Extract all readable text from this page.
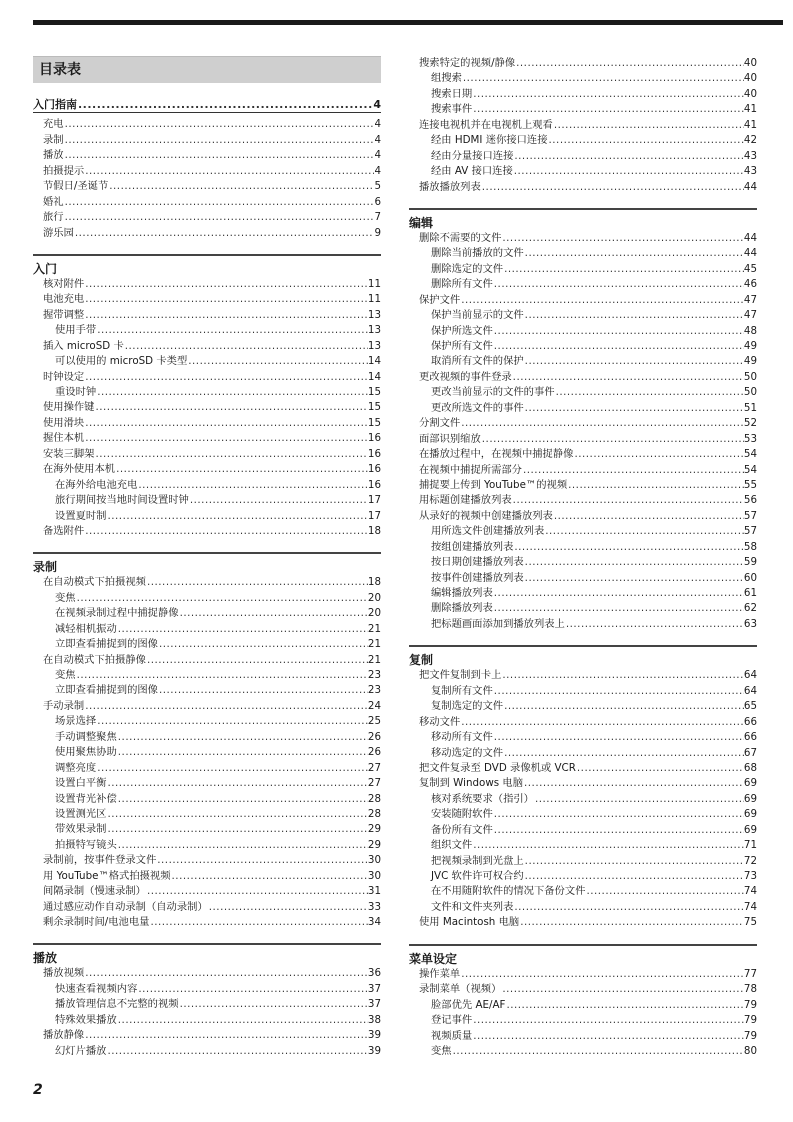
目录表
入门指南 .....	4
充电 .....	4
录制 .....	4
播放 .....	4
拍摄提示 .....	4
节假日/圣诞节 .....	5
婚礼 .....	6
旅行 .....	7
游乐园 .....	9
入门
核对附件 .....	11
电池充电 .....	11
握带调整 .....	13
使用手带 .....	13
插入 microSD 卡 .....	13
可以使用的 microSD 卡类型 .....	14
时钟设定 .....	14
重设时钟 .....	15
使用操作键 .....	15
使用滑块 .....	15
握住本机 .....	16
安装三脚架 .....	16
在海外使用本机 .....	16
在海外给电池充电 .....	16
旅行期间按当地时间设置时钟 .....	17
设置夏时制 .....	17
备选附件 .....	18
录制
在自动模式下拍摄视频 .....	18
变焦 .....	20
在视频录制过程中捕捉静像 .....	20
减轻相机振动 .....	21
立即查看捕捉到的图像 .....	21
在自动模式下拍摄静像 .....	21
变焦 .....	23
立即查看捕捉到的图像 .....	23
手动录制 .....	24
场景选择 .....	25
手动调整聚焦 .....	26
使用聚焦协助 .....	26
调整亮度 .....	27
设置白平衡 .....	27
设置背光补偿 .....	28
设置测光区 .....	28
带效果录制 .....	29
拍摄特写镜头 .....	29
录制前，按事件登录文件 .....	30
用 YouTube™格式拍摄视频 .....	30
间隔录制（慢速录制） .....	31
通过感应动作自动录制（自动录制） .....	33
剩余录制时间/电池电量 .....	34
播放
播放视频 .....	36
快速查看视频内容 .....	37
播放管理信息不完整的视频 .....	37
特殊效果播放 .....	38
播放静像 .....	39
幻灯片播放 .....	39
搜索特定的视频/静像 .....	40
组搜索 .....	40
搜索日期 .....	40
搜索事件 .....	41
连接电视机并在电视机上观看 .....	41
经由 HDMI 迷你接口连接 .....	42
经由分量接口连接 .....	43
经由 AV 接口连接 .....	43
播放播放列表 .....	44
编辑
删除不需要的文件 .....	44
删除当前播放的文件 .....	44
删除选定的文件 .....	45
删除所有文件 .....	46
保护文件 .....	47
保护当前显示的文件 .....	47
保护所选文件 .....	48
保护所有文件 .....	49
取消所有文件的保护 .....	49
更改视频的事件登录 .....	50
更改当前显示的文件的事件 .....	50
更改所选文件的事件 .....	51
分割文件 .....	52
面部识别缩放 .....	53
在播放过程中，在视频中捕捉静像 .....	54
在视频中捕捉所需部分 .....	54
捕捉要上传到 YouTube™的视频 .....	55
用标题创建播放列表 .....	56
从录好的视频中创建播放列表 .....	57
用所选文件创建播放列表 .....	57
按组创建播放列表 .....	58
按日期创建播放列表 .....	59
按事件创建播放列表 .....	60
编辑播放列表 .....	61
删除播放列表 .....	62
把标题画面添加到播放列表上 .....	63
复制
把文件复制到卡上 .....	64
复制所有文件 .....	64
复制选定的文件 .....	65
移动文件 .....	66
移动所有文件 .....	66
移动选定的文件 .....	67
把文件复录至 DVD 录像机或 VCR .....	68
复制到 Windows 电脑 .....	69
核对系统要求（指引） .....	69
安装随附软件 .....	69
备份所有文件 .....	69
组织文件 .....	71
把视频录制到光盘上 .....	72
JVC 软件许可权合约 .....	73
在不用随附软件的情况下备份文件 .....	74
文件和文件夹列表 .....	74
使用 Macintosh 电脑 .....	75
菜单设定
操作菜单 .....	77
录制菜单（视频） .....	78
脸部优先 AE/AF .....	79
登记事件 .....	79
视频质量 .....	79
变焦 .....	80
2
